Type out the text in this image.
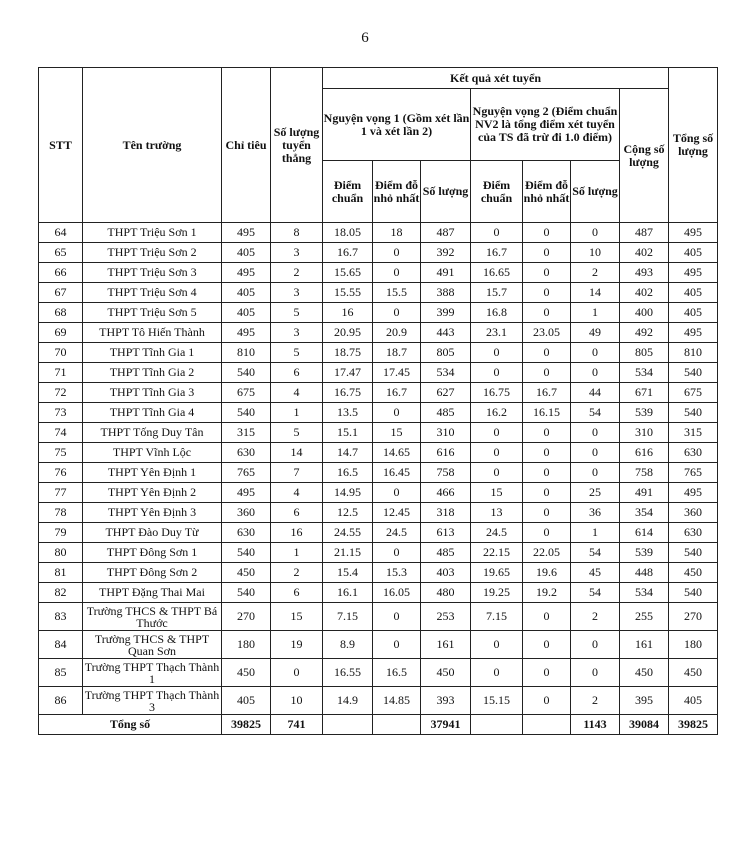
6
STT	Tên trường	Chỉ tiêu	Số lượng tuyển thẳng	Kết quả xét tuyển							Tổng số lượng
				Nguyện vọng 1 (Gồm xét lần 1 và xét lần 2)			Nguyện vọng 2 (Điểm chuẩn NV2 là tổng điểm xét tuyển của TS đã trừ đi 1.0 điểm)			Cộng số lượng	
				Điểm chuẩn	Điểm đỗ nhỏ nhất	Số lượng	Điểm chuẩn	Điểm đỗ nhỏ nhất	Số lượng		
64	THPT Triệu Sơn 1	495	8	18.05	18	487	0	0	0	487	495
65	THPT Triệu Sơn 2	405	3	16.7	0	392	16.7	0	10	402	405
66	THPT Triệu Sơn 3	495	2	15.65	0	491	16.65	0	2	493	495
67	THPT Triệu Sơn 4	405	3	15.55	15.5	388	15.7	0	14	402	405
68	THPT Triệu Sơn 5	405	5	16	0	399	16.8	0	1	400	405
69	THPT Tô Hiến Thành	495	3	20.95	20.9	443	23.1	23.05	49	492	495
70	THPT Tĩnh Gia 1	810	5	18.75	18.7	805	0	0	0	805	810
71	THPT Tĩnh Gia 2	540	6	17.47	17.45	534	0	0	0	534	540
72	THPT Tĩnh Gia 3	675	4	16.75	16.7	627	16.75	16.7	44	671	675
73	THPT Tĩnh Gia 4	540	1	13.5	0	485	16.2	16.15	54	539	540
74	THPT Tống Duy Tân	315	5	15.1	15	310	0	0	0	310	315
75	THPT Vĩnh Lộc	630	14	14.7	14.65	616	0	0	0	616	630
76	THPT Yên Định 1	765	7	16.5	16.45	758	0	0	0	758	765
77	THPT Yên Định 2	495	4	14.95	0	466	15	0	25	491	495
78	THPT Yên Định 3	360	6	12.5	12.45	318	13	0	36	354	360
79	THPT Đào Duy Từ	630	16	24.55	24.5	613	24.5	0	1	614	630
80	THPT Đông Sơn 1	540	1	21.15	0	485	22.15	22.05	54	539	540
81	THPT Đông Sơn 2	450	2	15.4	15.3	403	19.65	19.6	45	448	450
82	THPT Đặng Thai Mai	540	6	16.1	16.05	480	19.25	19.2	54	534	540
83	Trường THCS & THPT Bá Thước	270	15	7.15	0	253	7.15	0	2	255	270
84	Trường THCS & THPT Quan Sơn	180	19	8.9	0	161	0	0	0	161	180
85	Trường THPT Thạch Thành 1	450	0	16.55	16.5	450	0	0	0	450	450
86	Trường THPT Thạch Thành 3	405	10	14.9	14.85	393	15.15	0	2	395	405
Tổng số		39825	741			37941			1143	39084	39825
